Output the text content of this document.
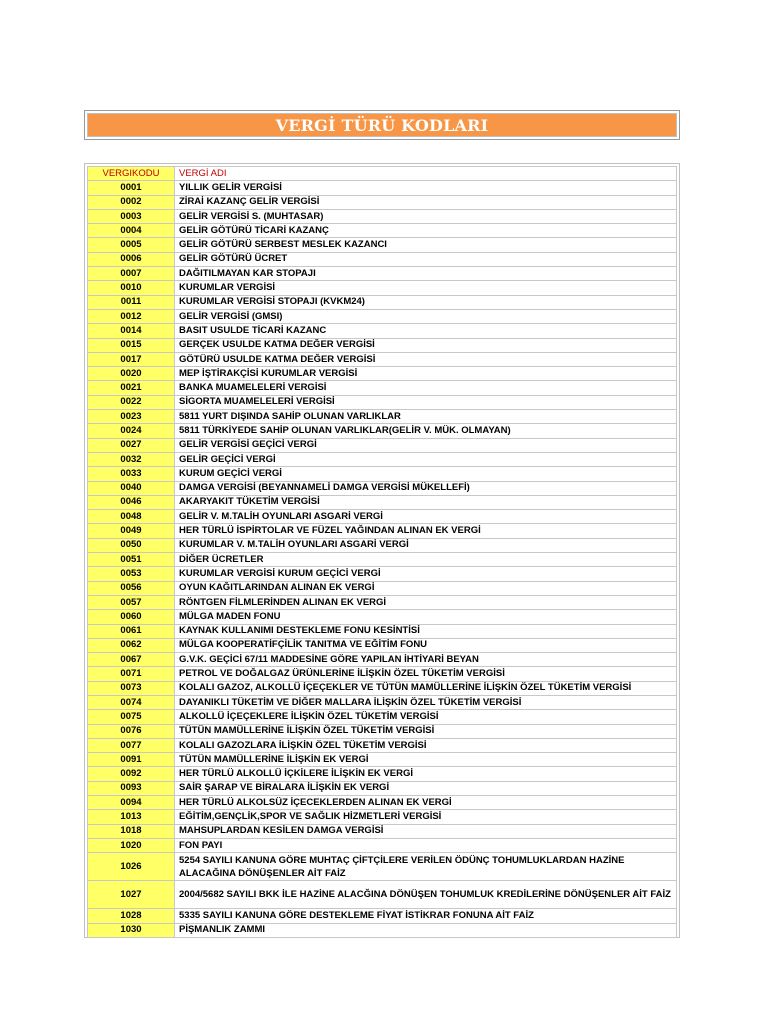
VERGİ TÜRÜ KODLARI
VERGIKODU	VERGİ ADI
0001	YILLIK GELİR VERGİSİ
0002	ZİRAİ KAZANÇ GELİR VERGİSİ
0003	GELİR VERGİSİ S. (MUHTASAR)
0004	GELİR GÖTÜRÜ TİCARİ KAZANÇ
0005	GELİR GÖTÜRÜ SERBEST MESLEK KAZANCI
0006	GELİR GÖTÜRÜ ÜCRET
0007	DAĞITILMAYAN KAR STOPAJI
0010	KURUMLAR VERGİSİ
0011	KURUMLAR VERGİSİ STOPAJI (KVKM24)
0012	GELİR VERGİSİ (GMSI)
0014	BASIT USULDE TİCARİ KAZANC
0015	GERÇEK USULDE KATMA DEĞER VERGİSİ
0017	GÖTÜRÜ USULDE KATMA DEĞER VERGİSİ
0020	MEP İŞTİRAKÇİSİ KURUMLAR VERGİSİ
0021	BANKA MUAMELELERİ VERGİSİ
0022	SİGORTA MUAMELELERİ VERGİSİ
0023	5811 YURT DIŞINDA SAHİP OLUNAN VARLIKLAR
0024	5811 TÜRKİYEDE SAHİP OLUNAN VARLIKLAR(GELİR V. MÜK. OLMAYAN)
0027	GELİR VERGİSİ GEÇİCİ VERGİ
0032	GELİR GEÇİCİ VERGİ
0033	KURUM GEÇİCİ VERGİ
0040	DAMGA VERGİSİ (BEYANNAMELİ DAMGA VERGİSİ MÜKELLEFİ)
0046	AKARYAKIT TÜKETİM VERGİSİ
0048	GELİR V. M.TALİH OYUNLARI ASGARİ VERGİ
0049	HER TÜRLÜ İSPİRTOLAR VE FÜZEL YAĞINDAN ALINAN EK VERGİ
0050	KURUMLAR V. M.TALİH OYUNLARI ASGARİ VERGİ
0051	DİĞER ÜCRETLER
0053	KURUMLAR VERGİSİ KURUM GEÇİCİ VERGİ
0056	OYUN KAĞITLARINDAN ALINAN EK VERGİ
0057	RÖNTGEN FİLMLERİNDEN ALINAN EK VERGİ
0060	MÜLGA MADEN FONU
0061	KAYNAK KULLANIMI DESTEKLEME FONU KESİNTİSİ
0062	MÜLGA KOOPERATİFÇİLİK TANITMA VE EĞİTİM FONU
0067	G.V.K. GEÇİCİ 67/11 MADDESİNE GÖRE YAPILAN İHTİYARİ BEYAN
0071	PETROL VE DOĞALGAZ ÜRÜNLERİNE İLİŞKİN ÖZEL TÜKETİM VERGİSİ
0073	KOLALI GAZOZ, ALKOLLÜ İÇEÇEKLER VE TÜTÜN MAMÜLLERİNE İLİŞKİN ÖZEL TÜKETİM VERGİSİ
0074	DAYANIKLI TÜKETİM VE DİĞER MALLARA İLİŞKİN ÖZEL TÜKETİM VERGİSİ
0075	ALKOLLÜ İÇEÇEKLERE İLİŞKİN ÖZEL TÜKETİM VERGİSİ
0076	TÜTÜN MAMÜLLERİNE İLİŞKİN ÖZEL TÜKETİM VERGİSİ
0077	KOLALI GAZOZLARA İLİŞKİN ÖZEL TÜKETİM VERGİSİ
0091	TÜTÜN MAMÜLLERİNE İLİŞKİN EK VERGİ
0092	HER TÜRLÜ ALKOLLÜ İÇKİLERE İLİŞKİN EK VERGİ
0093	SAİR ŞARAP VE BİRALARA İLİŞKİN EK VERGİ
0094	HER TÜRLÜ ALKOLSÜZ İÇECEKLERDEN ALINAN EK VERGİ
1013	EĞİTİM,GENÇLİK,SPOR VE SAĞLIK HİZMETLERİ VERGİSİ
1018	MAHSUPLARDAN KESİLEN DAMGA VERGİSİ
1020	FON PAYI
1026	5254 SAYILI KANUNA GÖRE MUHTAÇ ÇİFTÇİLERE VERİLEN ÖDÜNÇ TOHUMLUKLARDAN HAZİNE ALACAĞINA DÖNÜŞENLER AİT FAİZ
1027	2004/5682 SAYILI BKK İLE HAZİNE ALACĞINA DÖNÜŞEN TOHUMLUK KREDİLERİNE DÖNÜŞENLER AİT FAİZ
1028	5335 SAYILI KANUNA GÖRE DESTEKLEME FİYAT İSTİKRAR FONUNA AİT FAİZ
1030	PİŞMANLIK ZAMMI
